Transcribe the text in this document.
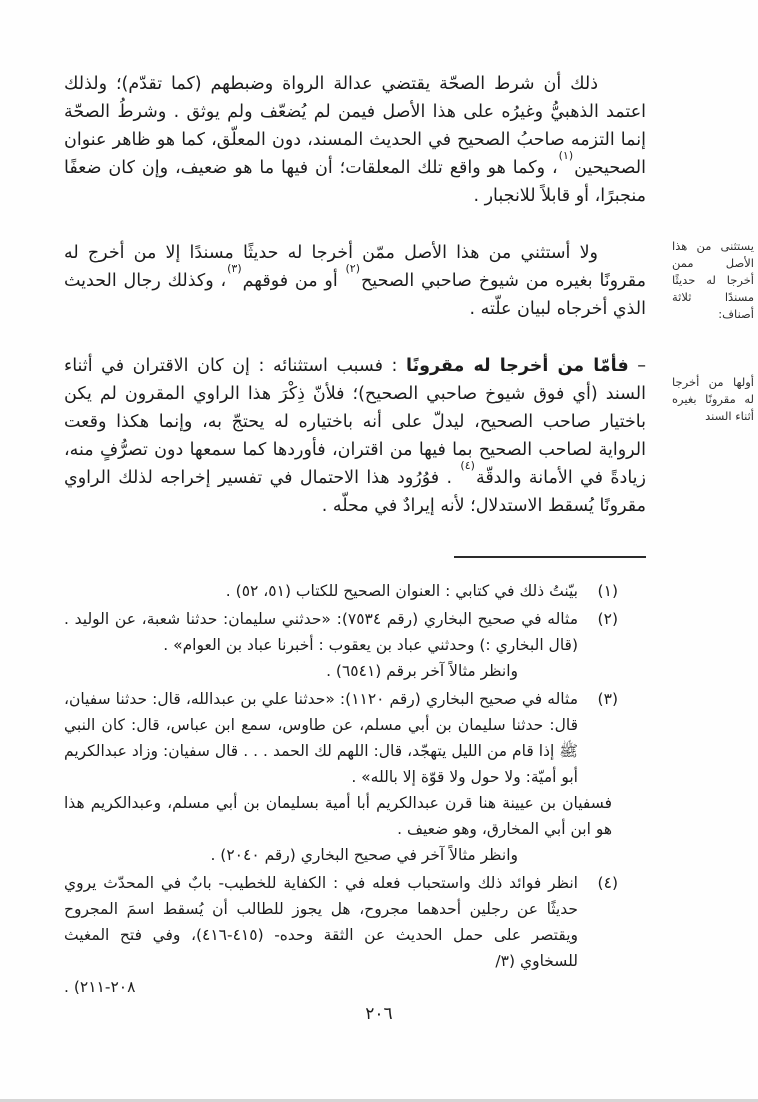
ذلك أن شرط الصحّة يقتضي عدالة الرواة وضبطهم (كما تقدّم)؛ ولذلك اعتمد الذهبيُّ وغيرُه على هذا الأصل فيمن لم يُضعّف ولم يوثق . وشرطُ الصحّة إنما التزمه صاحبُ الصحيح في الحديث المسند، دون المعلّق، كما هو ظاهر عنوان الصحيحين$^{(١)}$، وكما هو واقع تلك المعلقات؛ أن فيها ما هو ضعيف، وإن كان ضعفًا منجبرًا، أو قابلاً للانجبار .

ولا أستثني من هذا الأصل ممّن أخرجا له حديثًا مسندًا إلا من أخرج له مقرونًا بغيره من شيوخ صاحبي الصحيح$^{(٢)}$ أو من فوقهم$^{(٣)}$، وكذلك رجال الحديث الذي أخرجاه لبيان علّته .

– فأمّا من أخرجا له مقرونًا : فسبب استثنائه : إن كان الاقتران في أثناء السند (أي فوق شيوخ صاحبي الصحيح)؛ فلأنّ ذِكْرَ هذا الراوي المقرون لم يكن باختيار صاحب الصحيح، ليدلّ على أنه باختياره له يحتجّ به، وإنما هكذا وقعت الرواية لصاحب الصحيح بما فيها من اقتران، فأوردها كما سمعها دون تصرُّفٍ منه، زيادةً في الأمانة والدقّة$^{(٤)}$ . فوُرُود هذا الاحتمال في تفسير إخراجه لذلك الراوي مقرونًا يُسقط الاستدلال؛ لأنه إيرادٌ في محلّه .

يستثنى من هذا الأصل ممن أخرجا له حديثًا مسندًا ثلاثة أصناف:
أولها من أخرجا له مقرونًا بغيره أثناء السند
(١)
بيّنتُ ذلك في كتابي : العنوان الصحيح للكتاب (٥١، ٥٢) .
(٢)
مثاله في صحيح البخاري (رقم ٧٥٣٤): «حدثني سليمان: حدثنا شعبة، عن الوليد . (قال البخاري :) وحدثني عباد بن يعقوب : أخبرنا عباد بن العوام» .
وانظر مثالاً آخر برقم (٦٥٤١) .
(٣)
مثاله في صحيح البخاري (رقم ١١٢٠): «حدثنا علي بن عبدالله، قال: حدثنا سفيان، قال: حدثنا سليمان بن أبي مسلم، عن طاوس، سمع ابن عباس، قال: كان النبي ﷺ إذا قام من الليل يتهجّد، قال: اللهم لك الحمد . . . قال سفيان: وزاد عبدالكريم أبو أميّة: ولا حول ولا قوّة إلا بالله» .
فسفيان بن عيينة هنا قرن عبدالكريم أبا أمية بسليمان بن أبي مسلم، وعبدالكريم هذا هو ابن أبي المخارق، وهو ضعيف .
وانظر مثالاً آخر في صحيح البخاري (رقم ٢٠٤٠) .
(٤)
انظر فوائد ذلك واستحباب فعله في : الكفاية للخطيب- بابٌ في المحدّث يروي حديثًا عن رجلين أحدهما مجروح، هل يجوز للطالب أن يُسقط اسمَ المجروح ويقتصر على حمل الحديث عن الثقة وحده- (٤١٥-٤١٦)، وفي فتح المغيث للسخاوي (٣/
٢٠٨-٢١١) .
٢٠٦
